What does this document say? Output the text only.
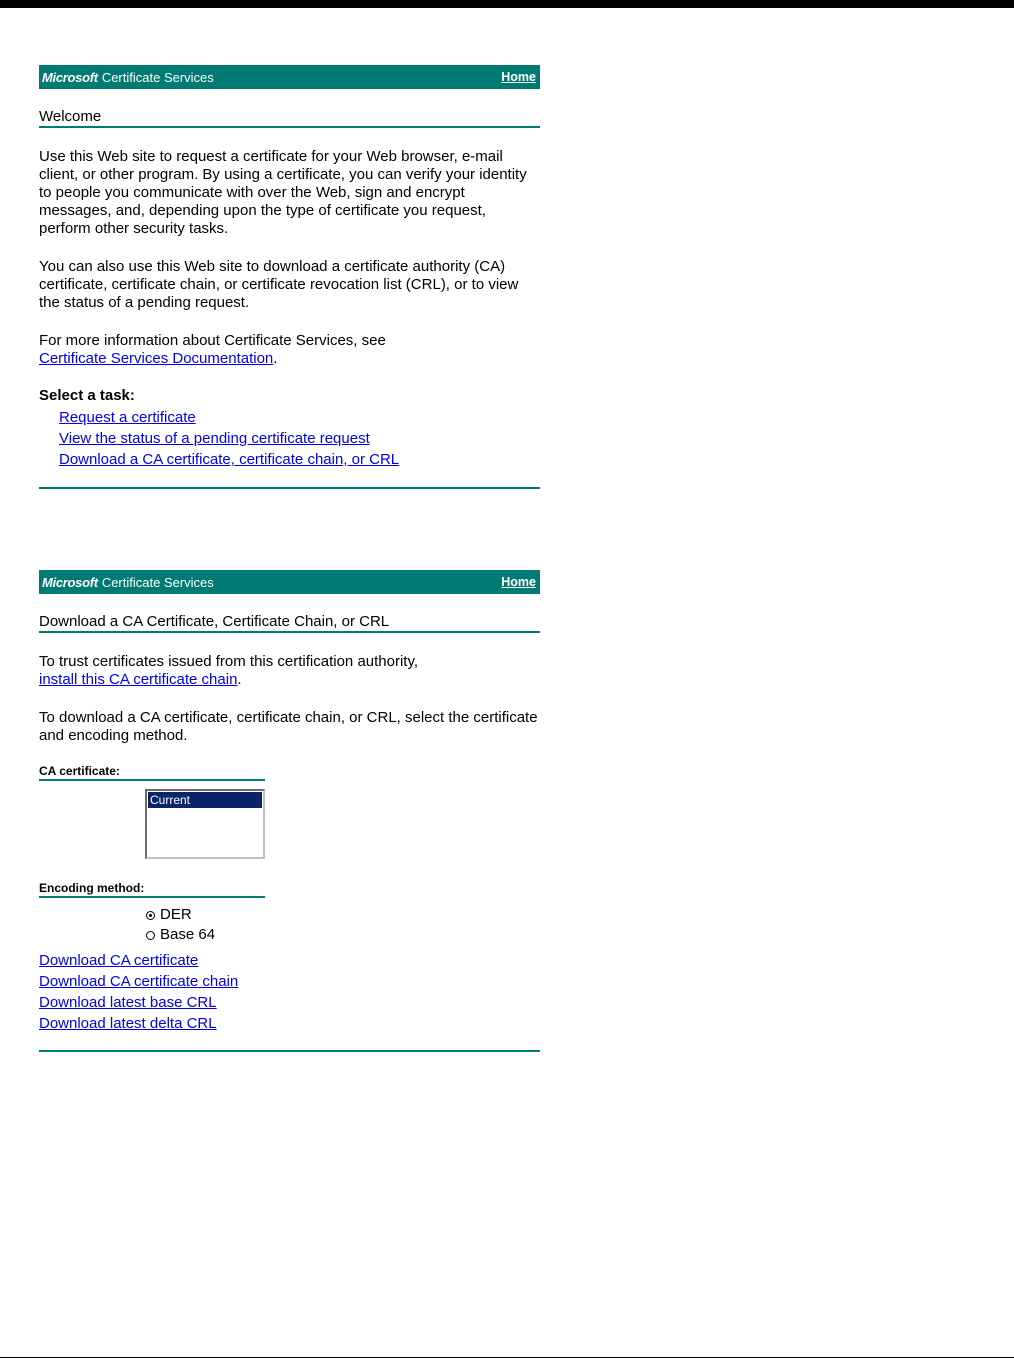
Microsoft Certificate Services	Home
Welcome
Use this Web site to request a certificate for your Web browser, e-mail client, or other program. By using a certificate, you can verify your identity to people you communicate with over the Web, sign and encrypt messages, and, depending upon the type of certificate you request, perform other security tasks.
You can also use this Web site to download a certificate authority (CA) certificate, certificate chain, or certificate revocation list (CRL), or to view the status of a pending request.
For more information about Certificate Services, see
Certificate Services Documentation.
Select a task:
Request a certificate
View the status of a pending certificate request
Download a CA certificate, certificate chain, or CRL
Microsoft Certificate Services	Home
Download a CA Certificate, Certificate Chain, or CRL
To trust certificates issued from this certification authority,
install this CA certificate chain.
To download a CA certificate, certificate chain, or CRL, select the certificate and encoding method.
CA certificate:
Current
Encoding method:
DER
Base 64
Download CA certificate
Download CA certificate chain
Download latest base CRL
Download latest delta CRL
